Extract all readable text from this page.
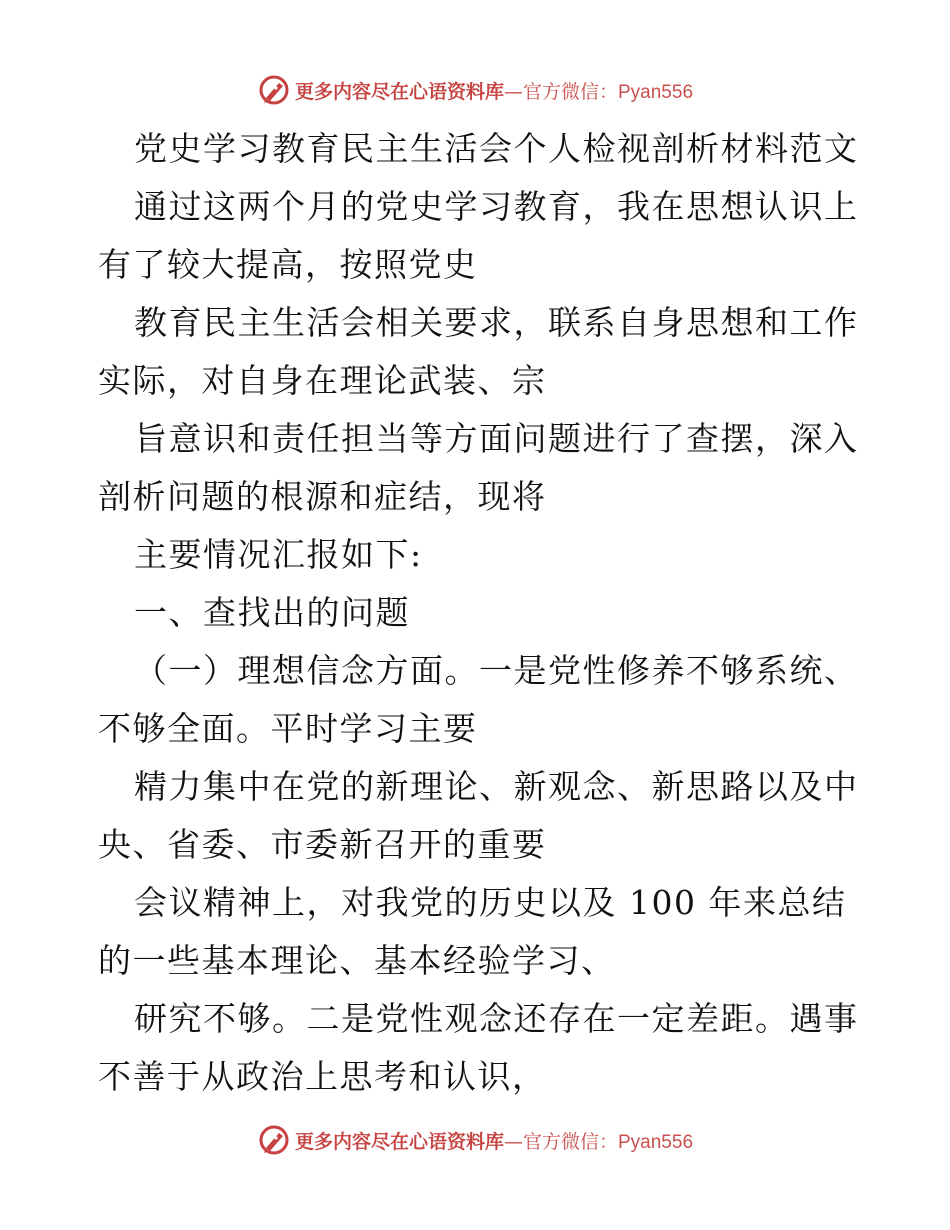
更多内容尽在心语资料库—官方微信：Pyan556
党史学习教育民主生活会个人检视剖析材料范文
通过这两个月的党史学习教育，我在思想认识上
有了较大提高，按照党史
教育民主生活会相关要求，联系自身思想和工作
实际，对自身在理论武装、宗
旨意识和责任担当等方面问题进行了查摆，深入
剖析问题的根源和症结，现将
主要情况汇报如下:
一、查找出的问题
（一）理想信念方面。一是党性修养不够系统、
不够全面。平时学习主要
精力集中在党的新理论、新观念、新思路以及中
央、省委、市委新召开的重要
会议精神上，对我党的历史以及 100 年来总结
的一些基本理论、基本经验学习、
研究不够。二是党性观念还存在一定差距。遇事
不善于从政治上思考和认识，
更多内容尽在心语资料库—官方微信：Pyan556
